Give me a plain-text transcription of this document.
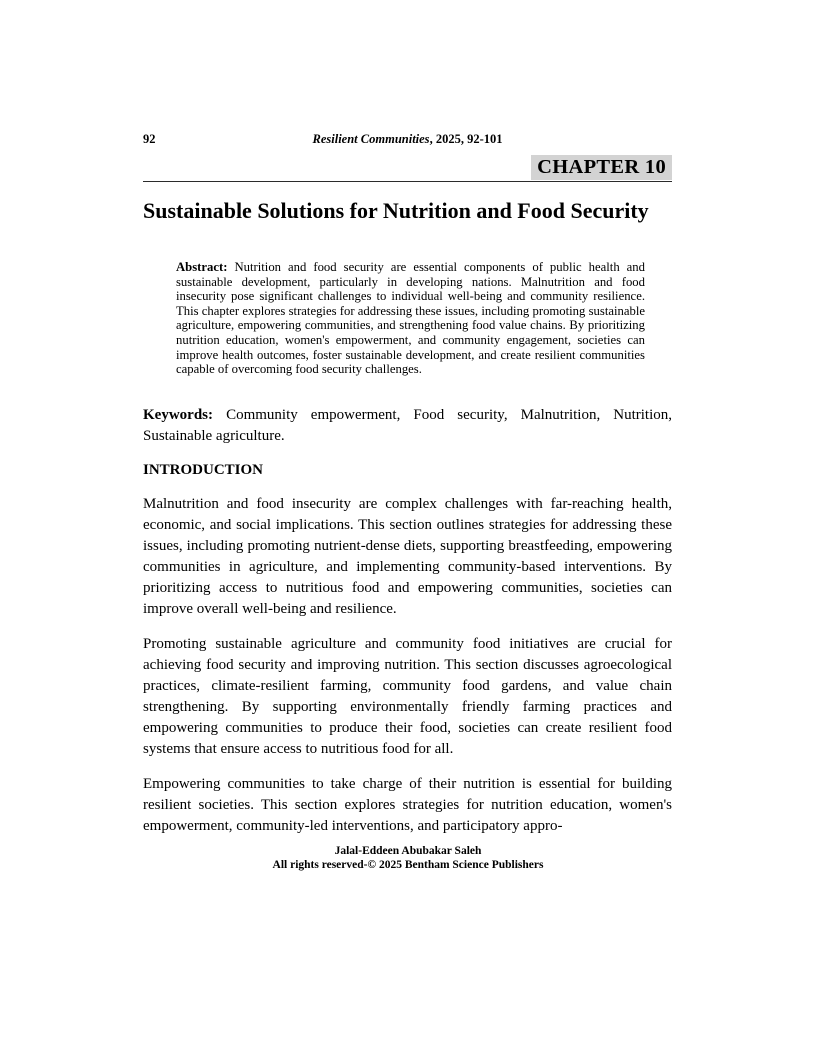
92	Resilient Communities, 2025, 92-101
CHAPTER 10
Sustainable Solutions for Nutrition and Food Security

Abstract: Nutrition and food security are essential components of public health and sustainable development, particularly in developing nations. Malnutrition and food insecurity pose significant challenges to individual well-being and community resilience. This chapter explores strategies for addressing these issues, including promoting sustainable agriculture, empowering communities, and strengthening food value chains. By prioritizing nutrition education, women's empowerment, and community engagement, societies can improve health outcomes, foster sustainable development, and create resilient communities capable of overcoming food security challenges.

Keywords: Community empowerment, Food security, Malnutrition, Nutrition, Sustainable agriculture.

INTRODUCTION

Malnutrition and food insecurity are complex challenges with far-reaching health, economic, and social implications. This section outlines strategies for addressing these issues, including promoting nutrient-dense diets, supporting breastfeeding, empowering communities in agriculture, and implementing community-based interventions. By prioritizing access to nutritious food and empowering communities, societies can improve overall well-being and resilience.

Promoting sustainable agriculture and community food initiatives are crucial for achieving food security and improving nutrition. This section discusses agroecological practices, climate-resilient farming, community food gardens, and value chain strengthening. By supporting environmentally friendly farming practices and empowering communities to produce their food, societies can create resilient food systems that ensure access to nutritious food for all.

Empowering communities to take charge of their nutrition is essential for building resilient societies. This section explores strategies for nutrition education, women's empowerment, community-led interventions, and participatory appro-

Jalal-Eddeen Abubakar Saleh
All rights reserved-© 2025 Bentham Science Publishers
